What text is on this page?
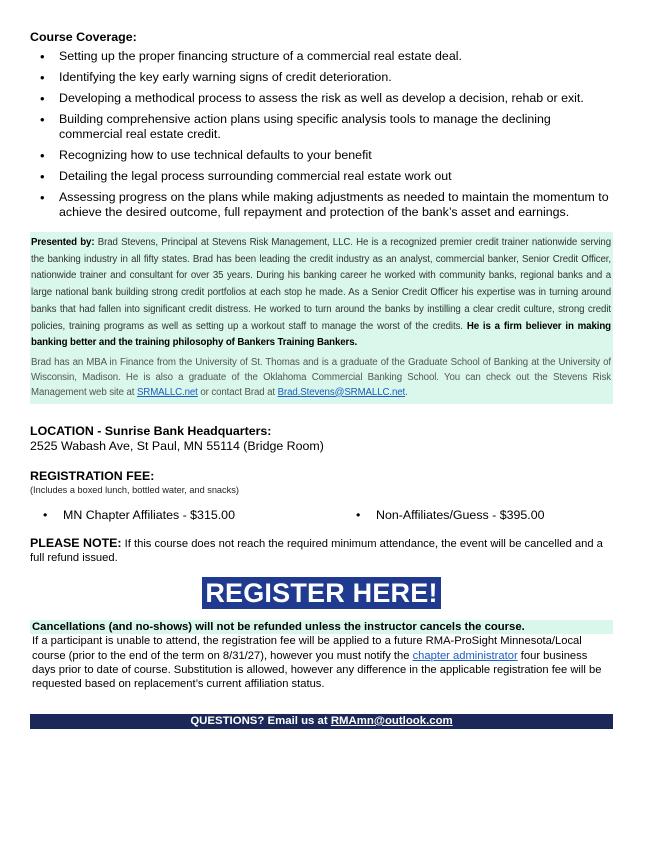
Course Coverage:
• Setting up the proper financing structure of a commercial real estate deal.
• Identifying the key early warning signs of credit deterioration.
• Developing a methodical process to assess the risk as well as develop a decision, rehab or exit.
• Building comprehensive action plans using specific analysis tools to manage the declining commercial real estate credit.
• Recognizing how to use technical defaults to your benefit
• Detailing the legal process surrounding commercial real estate work out
• Assessing progress on the plans while making adjustments as needed to maintain the momentum to achieve the desired outcome, full repayment and protection of the bank’s asset and earnings.

Presented by: Brad Stevens, Principal at Stevens Risk Management, LLC. He is a recognized premier credit trainer nationwide serving the banking industry in all fifty states. Brad has been leading the credit industry as an analyst, commercial banker, Senior Credit Officer, nationwide trainer and consultant for over 35 years. During his banking career he worked with community banks, regional banks and a large national bank building strong credit portfolios at each stop he made. As a Senior Credit Officer his expertise was in turning around banks that had fallen into significant credit distress. He worked to turn around the banks by instilling a clear credit culture, strong credit policies, training programs as well as setting up a workout staff to manage the worst of the credits. He is a firm believer in making banking better and the training philosophy of Bankers Training Bankers.

Brad has an MBA in Finance from the University of St. Thomas and is a graduate of the Graduate School of Banking at the University of Wisconsin, Madison. He is also a graduate of the Oklahoma Commercial Banking School. You can check out the Stevens Risk Management web site at SRMALLC.net or contact Brad at Brad.Stevens@SRMALLC.net.

LOCATION - Sunrise Bank Headquarters:
2525 Wabash Ave, St Paul, MN 55114 (Bridge Room)
REGISTRATION FEE:
(Includes a boxed lunch, bottled water, and snacks)
• MN Chapter Affiliates - $315.00
•	Non-Affiliates/Guess - $395.00
PLEASE NOTE: If this course does not reach the required minimum attendance, the event will be cancelled and a full refund issued.
REGISTER HERE!
Cancellations (and no-shows) will not be refunded unless the instructor cancels the course.
If a participant is unable to attend, the registration fee will be applied to a future RMA-ProSight Minnesota/Local course (prior to the end of the term on 8/31/27), however you must notify the chapter administrator four business days prior to date of course. Substitution is allowed, however any difference in the applicable registration fee will be requested based on replacement’s current affiliation status.
QUESTIONS? Email us at RMAmn@outlook.com
